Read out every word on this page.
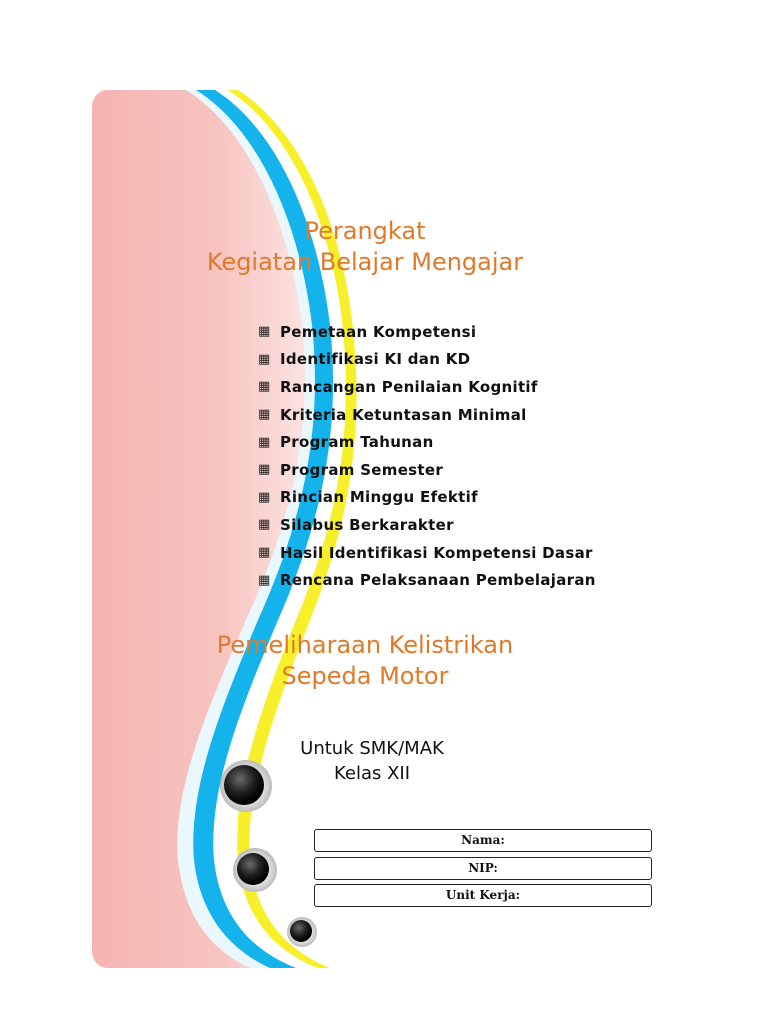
Perangkat
Kegiatan Belajar Mengajar
▦ Pemetaan Kompetensi
▦ Identifikasi KI dan KD
▦ Rancangan Penilaian Kognitif
▦ Kriteria Ketuntasan Minimal
▦ Program Tahunan
▦ Program Semester
▦ Rincian Minggu Efektif
▦ Silabus Berkarakter
▦ Hasil Identifikasi Kompetensi Dasar
▦ Rencana Pelaksanaan Pembelajaran
Pemeliharaan Kelistrikan
Sepeda Motor
Untuk SMK/MAK
Kelas XII
Nama:
NIP:
Unit Kerja:
